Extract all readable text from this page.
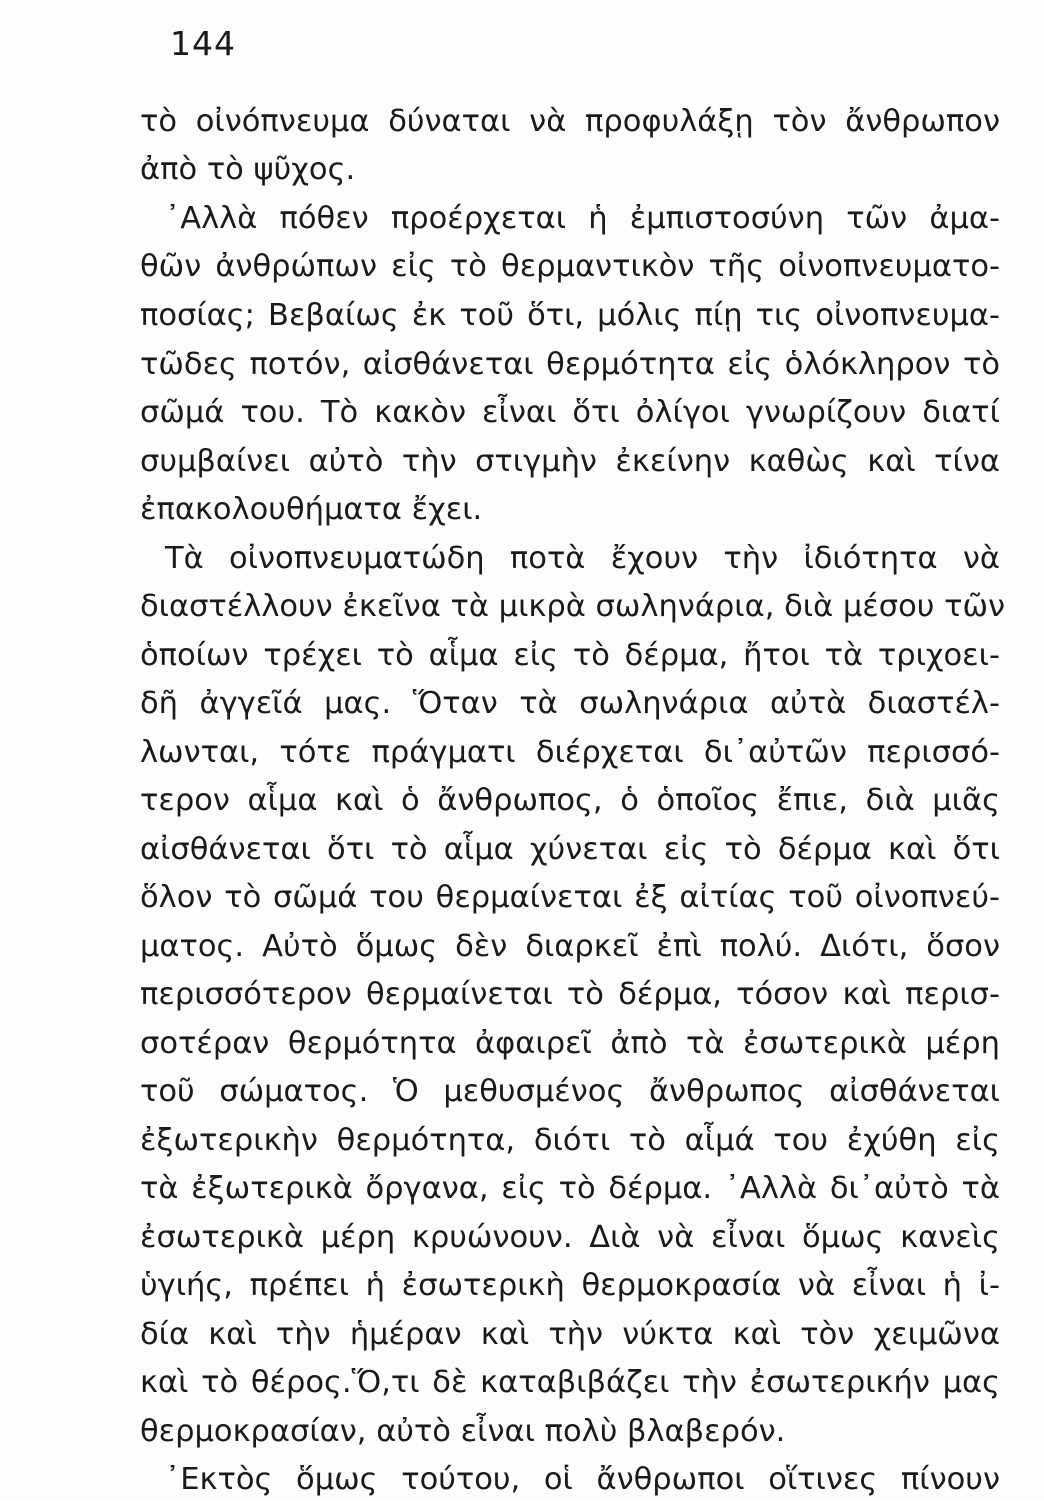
144
τὸ οἰνόπνευμα δύναται νὰ προφυλάξῃ τὸν ἄνθρωπον
ἀπὸ τὸ ψῦχος.
᾿Αλλὰ πόθεν προέρχεται ἡ ἐμπιστοσύνη τῶν ἀμα-
θῶν ἀνθρώπων εἰς τὸ θερμαντικὸν τῆς οἰνοπνευματο-
ποσίας; Βεβαίως ἐκ τοῦ ὅτι, μόλις πίῃ τις οἰνοπνευμα-
τῶδες ποτόν, αἰσθάνεται θερμότητα εἰς ὁλόκληρον τὸ
σῶμά του. Τὸ κακὸν εἶναι ὅτι ὀλίγοι γνωρίζουν διατί
συμβαίνει αὐτὸ τὴν στιγμὴν ἐκείνην καθὼς καὶ τίνα
ἐπακολουθήματα ἔχει.
Τὰ οἰνοπνευματώδη ποτὰ ἔχουν τὴν ἰδιότητα νὰ
διαστέλλουν ἐκεῖνα τὰ μικρὰ σωληνάρια, διὰ μέσου τῶν
ὁποίων τρέχει τὸ αἷμα εἰς τὸ δέρμα, ἤτοι τὰ τριχοει-
δῆ ἀγγεῖά μας. Ὅταν τὰ σωληνάρια αὐτὰ διαστέλ-
λωνται, τότε πράγματι διέρχεται δι᾿αὐτῶν περισσό-
τερον αἷμα καὶ ὁ ἄνθρωπος, ὁ ὁποῖος ἔπιε, διὰ μιᾶς
αἰσθάνεται ὅτι τὸ αἷμα χύνεται εἰς τὸ δέρμα καὶ ὅτι
ὅλον τὸ σῶμά του θερμαίνεται ἐξ αἰτίας τοῦ οἰνοπνεύ-
ματος. Αὐτὸ ὅμως δὲν διαρκεῖ ἐπὶ πολύ. Διότι, ὅσον
περισσότερον θερμαίνεται τὸ δέρμα, τόσον καὶ περισ-
σοτέραν θερμότητα ἀφαιρεῖ ἀπὸ τὰ ἐσωτερικὰ μέρη
τοῦ σώματος. Ὁ μεθυσμένος ἄνθρωπος αἰσθάνεται
ἐξωτερικὴν θερμότητα, διότι τὸ αἷμά του ἐχύθη εἰς
τὰ ἐξωτερικὰ ὄργανα, εἰς τὸ δέρμα. ᾿Αλλὰ δι᾿αὐτὸ τὰ
ἐσωτερικὰ μέρη κρυώνουν. Διὰ νὰ εἶναι ὅμως κανεὶς
ὑγιής, πρέπει ἡ ἐσωτερικὴ θερμοκρασία νὰ εἶναι ἡ ἰ-
δία καὶ τὴν ἡμέραν καὶ τὴν νύκτα καὶ τὸν χειμῶνα
καὶ τὸ θέρος.Ὅ,τι δὲ καταβιβάζει τὴν ἐσωτερικήν μας
θερμοκρασίαν, αὐτὸ εἶναι πολὺ βλαβερόν.
᾿Εκτὸς ὅμως τούτου, οἱ ἄνθρωποι οἵτινες πίνουν
